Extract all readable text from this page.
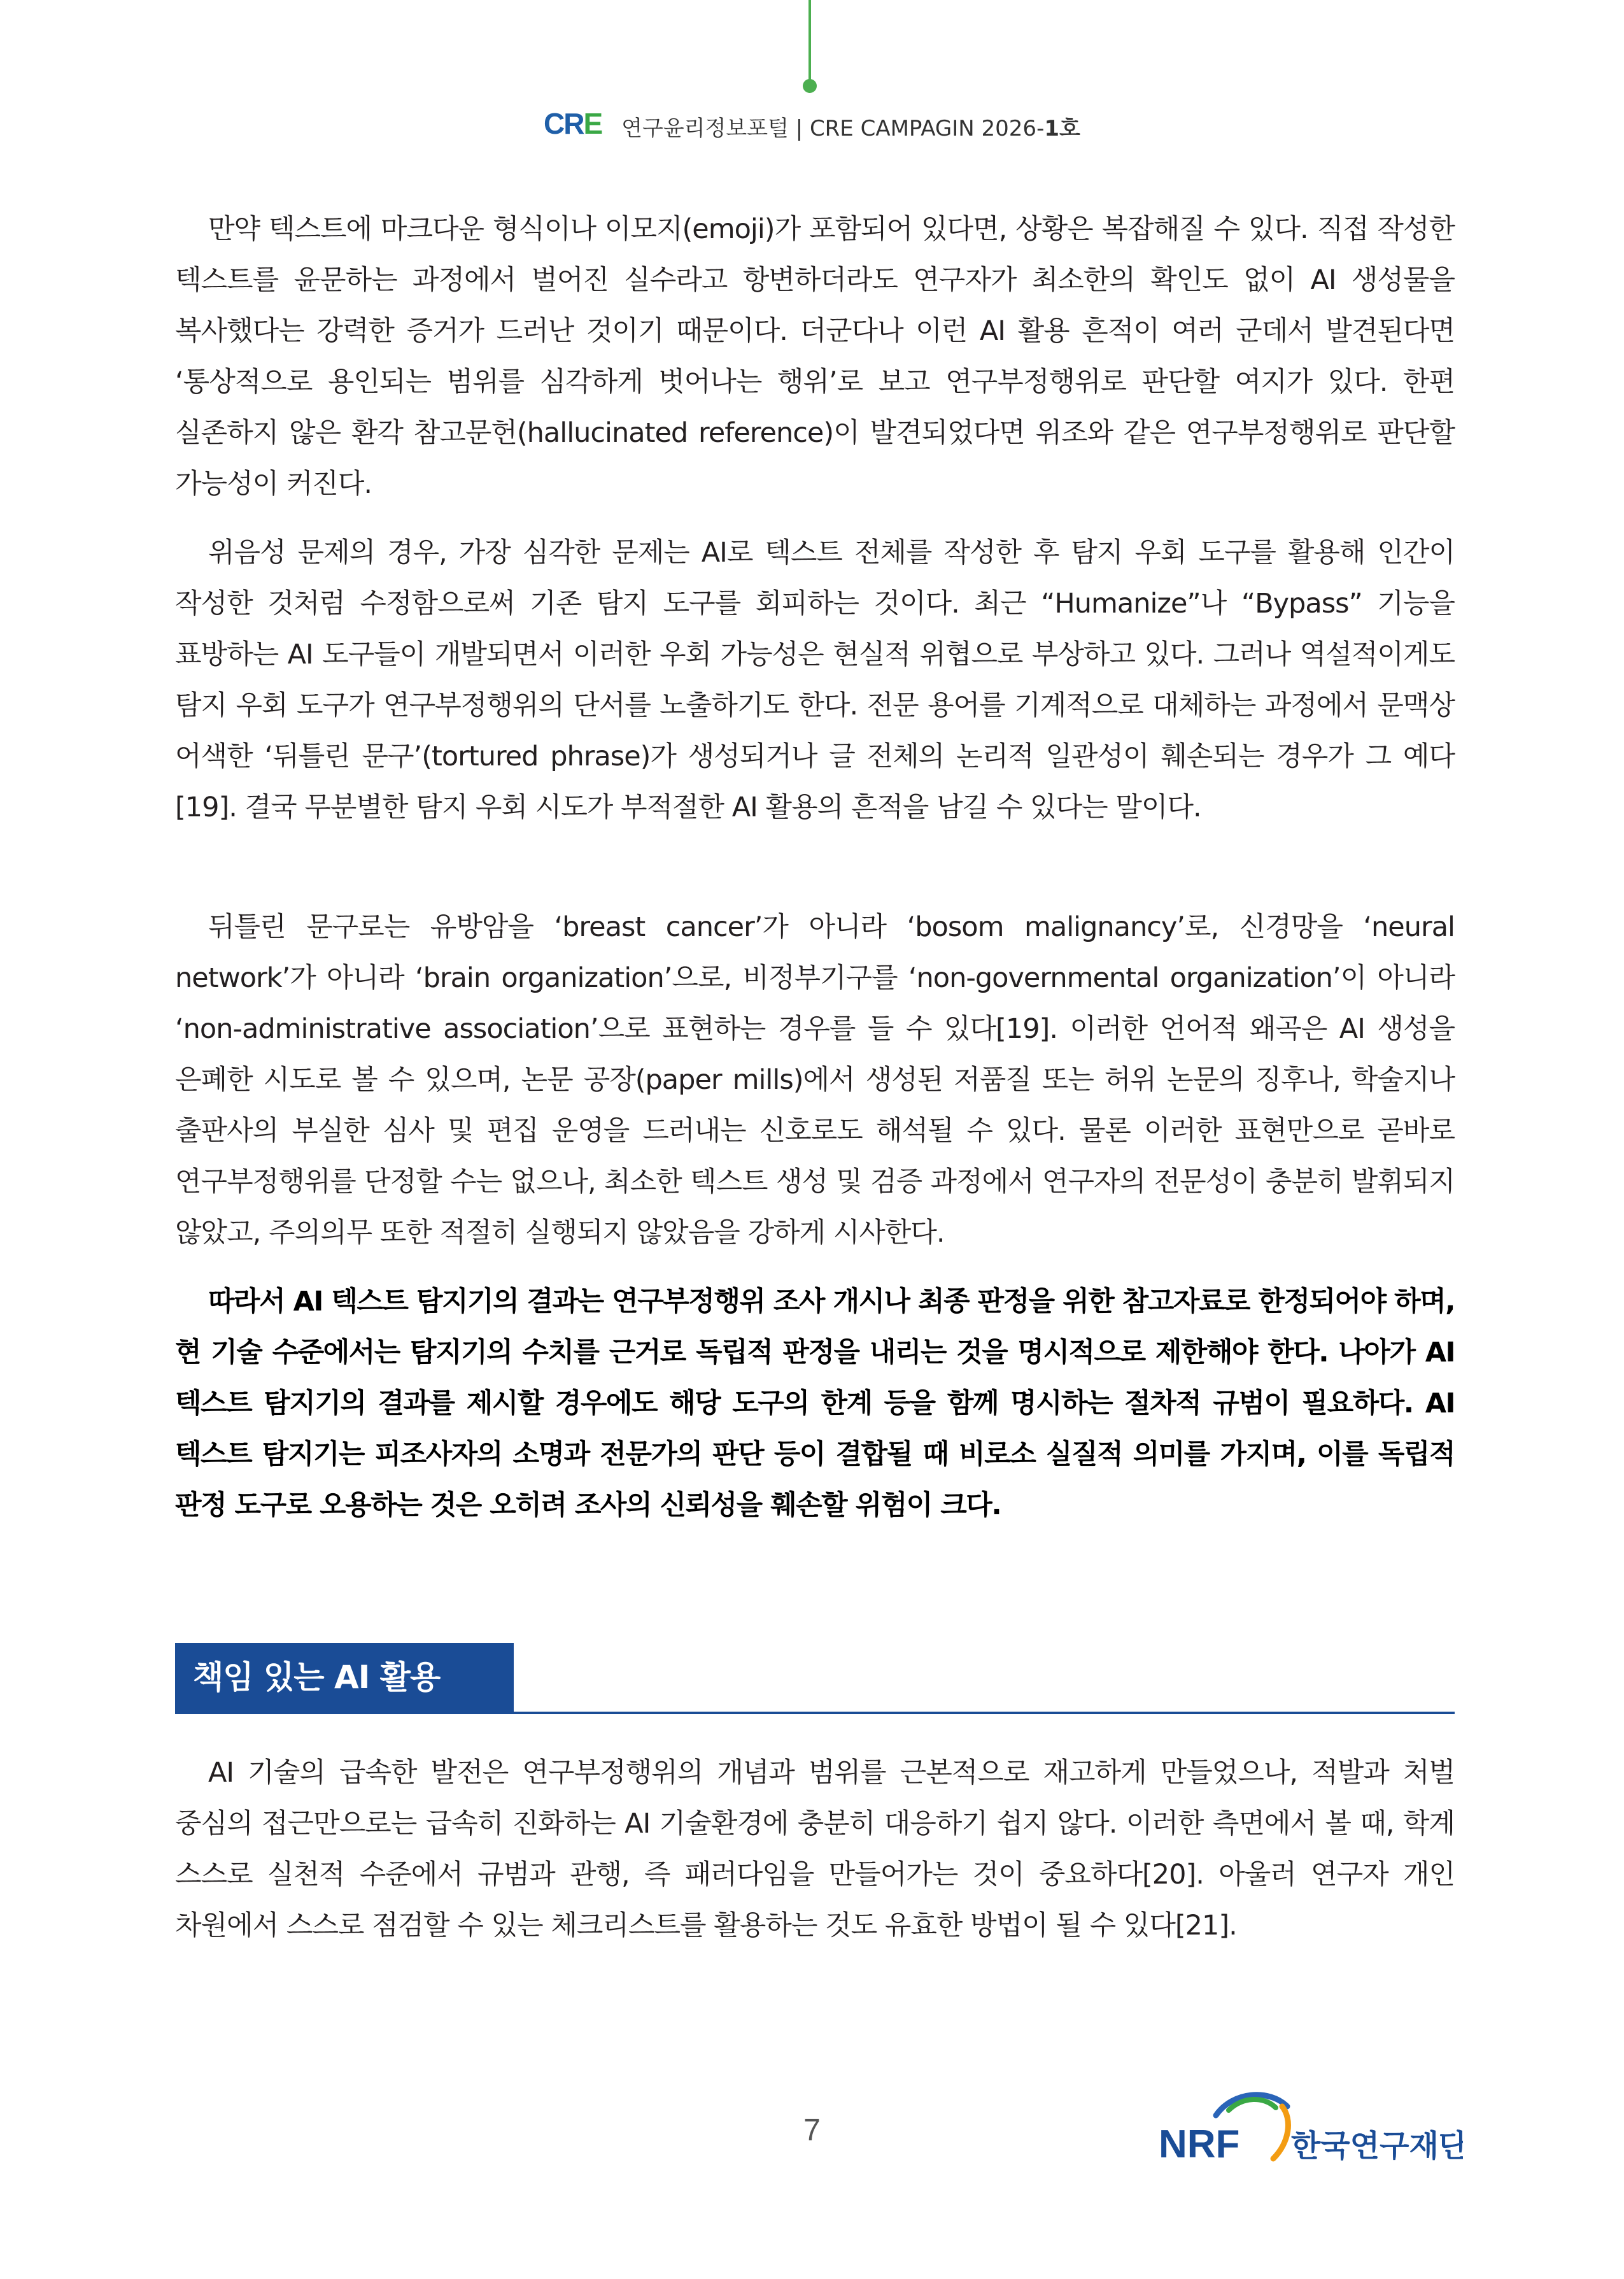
CRE 연구윤리정보포털 | CRE CAMPAGIN 2026-1호

만약 텍스트에 마크다운 형식이나 이모지(emoji)가 포함되어 있다면, 상황은 복잡해질 수 있다. 직접 작성한 텍스트를 윤문하는 과정에서 벌어진 실수라고 항변하더라도 연구자가 최소한의 확인도 없이 AI 생성물을 복사했다는 강력한 증거가 드러난 것이기 때문이다. 더군다나 이런 AI 활용 흔적이 여러 군데서 발견된다면 ‘통상적으로 용인되는 범위를 심각하게 벗어나는 행위’로 보고 연구부정행위로 판단할 여지가 있다. 한편 실존하지 않은 환각 참고문헌(hallucinated reference)이 발견되었다면 위조와 같은 연구부정행위로 판단할 가능성이 커진다.

위음성 문제의 경우, 가장 심각한 문제는 AI로 텍스트 전체를 작성한 후 탐지 우회 도구를 활용해 인간이 작성한 것처럼 수정함으로써 기존 탐지 도구를 회피하는 것이다. 최근 “Humanize”나 “Bypass” 기능을 표방하는 AI 도구들이 개발되면서 이러한 우회 가능성은 현실적 위협으로 부상하고 있다. 그러나 역설적이게도 탐지 우회 도구가 연구부정행위의 단서를 노출하기도 한다. 전문 용어를 기계적으로 대체하는 과정에서 문맥상 어색한 ‘뒤틀린 문구’(tortured phrase)가 생성되거나 글 전체의 논리적 일관성이 훼손되는 경우가 그 예다[19]. 결국 무분별한 탐지 우회 시도가 부적절한 AI 활용의 흔적을 남길 수 있다는 말이다.

뒤틀린 문구로는 유방암을 ‘breast cancer’가 아니라 ‘bosom malignancy’로, 신경망을 ‘neural network’가 아니라 ‘brain organization’으로, 비정부기구를 ‘non-governmental organization’이 아니라 ‘non-administrative association’으로 표현하는 경우를 들 수 있다[19]. 이러한 언어적 왜곡은 AI 생성을 은폐한 시도로 볼 수 있으며, 논문 공장(paper mills)에서 생성된 저품질 또는 허위 논문의 징후나, 학술지나 출판사의 부실한 심사 및 편집 운영을 드러내는 신호로도 해석될 수 있다. 물론 이러한 표현만으로 곧바로 연구부정행위를 단정할 수는 없으나, 최소한 텍스트 생성 및 검증 과정에서 연구자의 전문성이 충분히 발휘되지 않았고, 주의의무 또한 적절히 실행되지 않았음을 강하게 시사한다.

따라서 AI 텍스트 탐지기의 결과는 연구부정행위 조사 개시나 최종 판정을 위한 참고자료로 한정되어야 하며, 현 기술 수준에서는 탐지기의 수치를 근거로 독립적 판정을 내리는 것을 명시적으로 제한해야 한다. 나아가 AI 텍스트 탐지기의 결과를 제시할 경우에도 해당 도구의 한계 등을 함께 명시하는 절차적 규범이 필요하다. AI 텍스트 탐지기는 피조사자의 소명과 전문가의 판단 등이 결합될 때 비로소 실질적 의미를 가지며, 이를 독립적 판정 도구로 오용하는 것은 오히려 조사의 신뢰성을 훼손할 위험이 크다.

책임 있는 AI 활용

AI 기술의 급속한 발전은 연구부정행위의 개념과 범위를 근본적으로 재고하게 만들었으나, 적발과 처벌 중심의 접근만으로는 급속히 진화하는 AI 기술환경에 충분히 대응하기 쉽지 않다. 이러한 측면에서 볼 때, 학계 스스로 실천적 수준에서 규범과 관행, 즉 패러다임을 만들어가는 것이 중요하다[20]. 아울러 연구자 개인 차원에서 스스로 점검할 수 있는 체크리스트를 활용하는 것도 유효한 방법이 될 수 있다[21].

7	NRF 한국연구재단
